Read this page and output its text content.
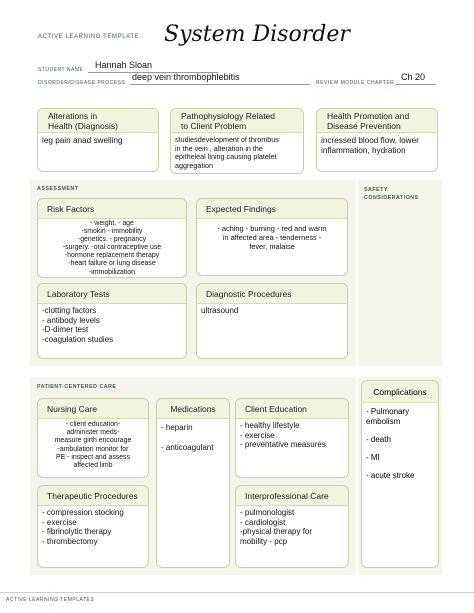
ACTIVE LEARNING TEMPLATE: System Disorder
STUDENT NAME Hannah Sloan
DISORDER/DISEASE PROCESS
deep vein thrombophlebitis
REVIEW MODULE CHAPTER
Ch 20
Alterations in
Health (Diagnosis)
leg pain anad swelling
Pathophysiology Related
to Client Problem
studiesdevelopment of thrombus
in the vein , alteration in the
epitheleal lining causing platelet
aggregation
Health Promotion and
Disease Prevention
incressed blood flow, lower
inflammation, hydration
ASSESSMENT	SAFETY
CONSIDERATIONS
Risk Factors
- weight. - age
-smokin - immobility
-genetics. - pregnancy
-surgery. -oral contraceptive use
-hormone replacement therapy
-heart failure or lung disease
-immobilization
Expected Findings
- aching - burning - red and warm
in affected area - tenderness -
fever, malaise
Laboratory Tests
-clotting factors
- antibody levels
-D-dimer test
-coagulation studies
Diagnostic Procedures
ultrasound
PATIENT-CENTERED CARE
Nursing Care
- client education-
administer meds-
measure girth encourage
-ambulation monitor for
PE - inspect and assess
affected limb
Medications
- heparin
- anticoagulant
Client Education
- healthy lifestyle
- exercise
- preventative measures
Therapeutic Procedures
- compression stocking
- exercise
- fibrinolytic therapy
- thrombectomy
Interprofessional Care
- pulmonologist
- cardiologist
-physical therapy for
mobility - pcp
Complications
- Pulmonary embolism
- death
- MI
- acute stroke
ACTIVE LEARNING TEMPLATES
